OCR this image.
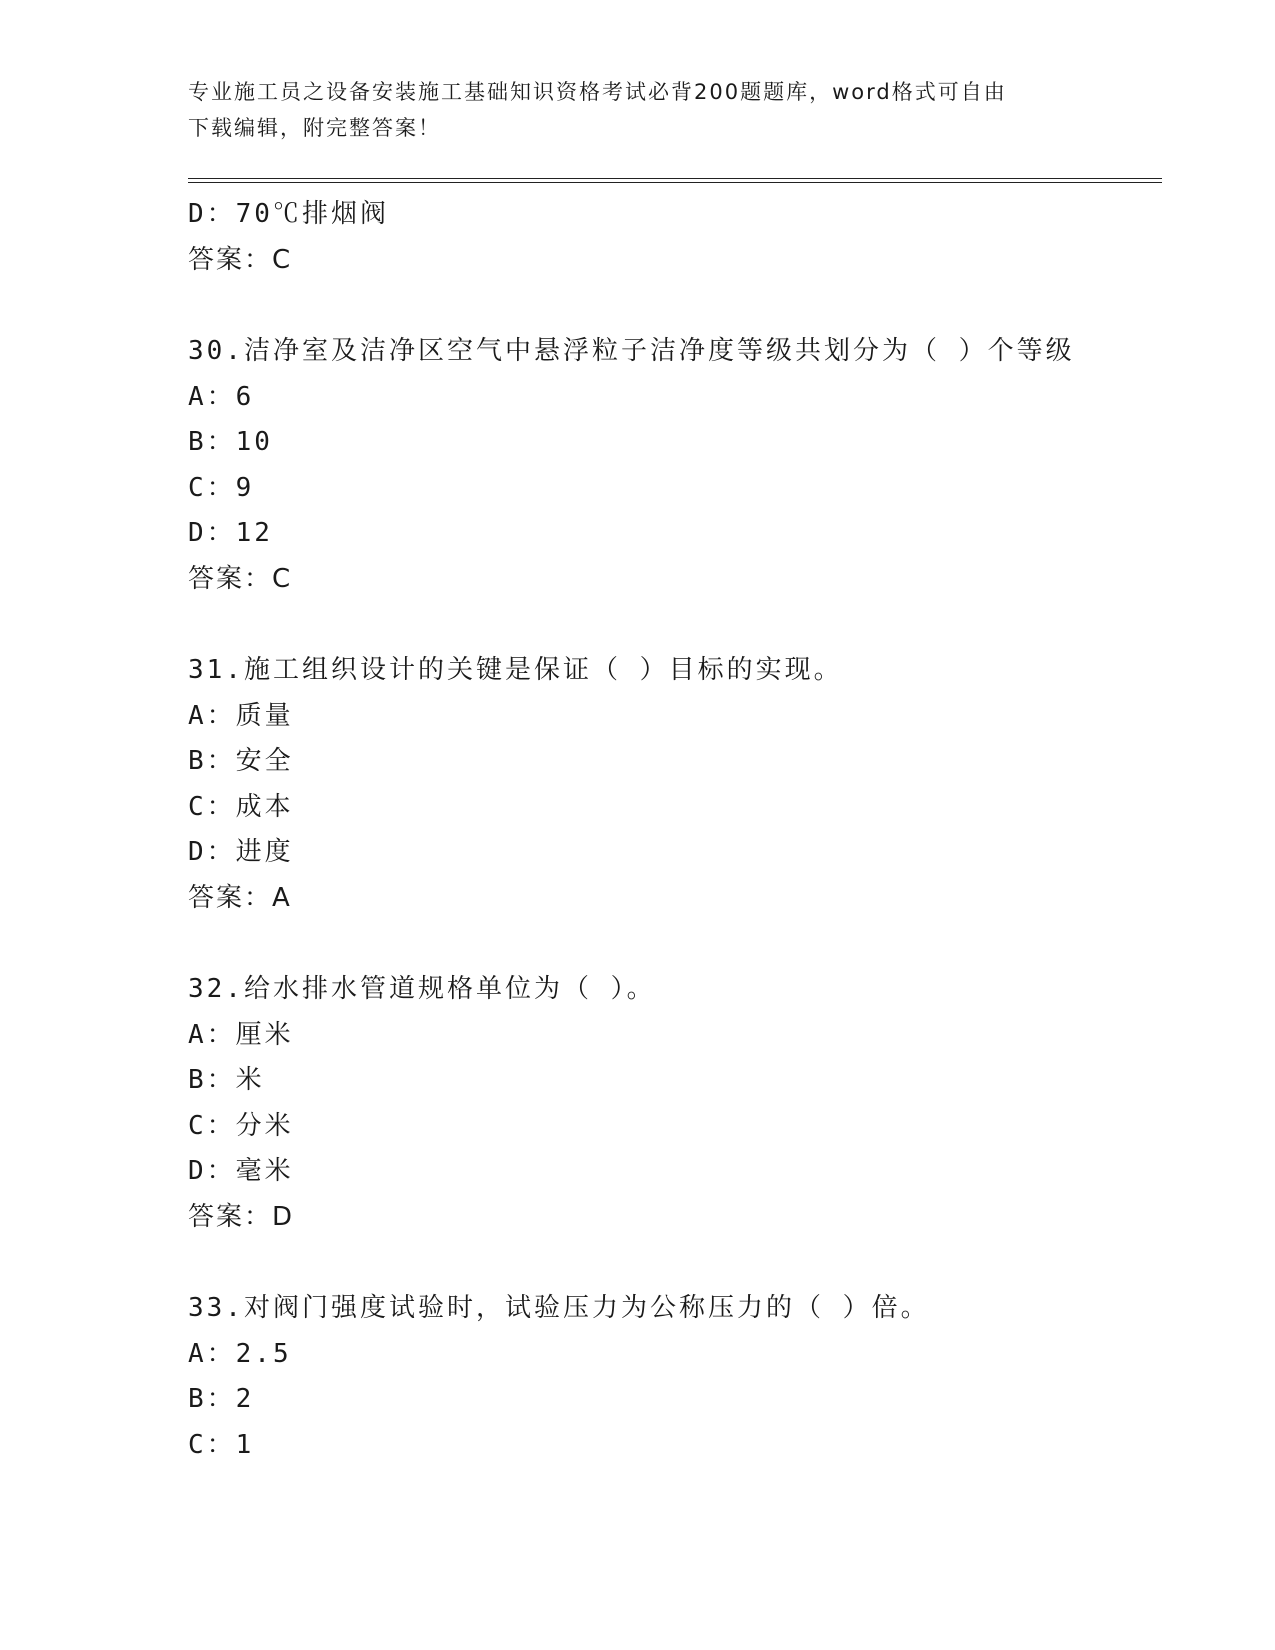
专业施工员之设备安装施工基础知识资格考试必背200题题库，word格式可自由
下载编辑，附完整答案！
D：70℃排烟阀
答案：C
30.洁净室及洁净区空气中悬浮粒子洁净度等级共划分为（ ）个等级
A：6
B：10
C：9
D：12
答案：C
31.施工组织设计的关键是保证（ ）目标的实现。
A：质量
B：安全
C：成本
D：进度
答案：A
32.给水排水管道规格单位为（ ）。
A：厘米
B：米
C：分米
D：毫米
答案：D
33.对阀门强度试验时，试验压力为公称压力的（ ）倍。
A：2.5
B：2
C：1
